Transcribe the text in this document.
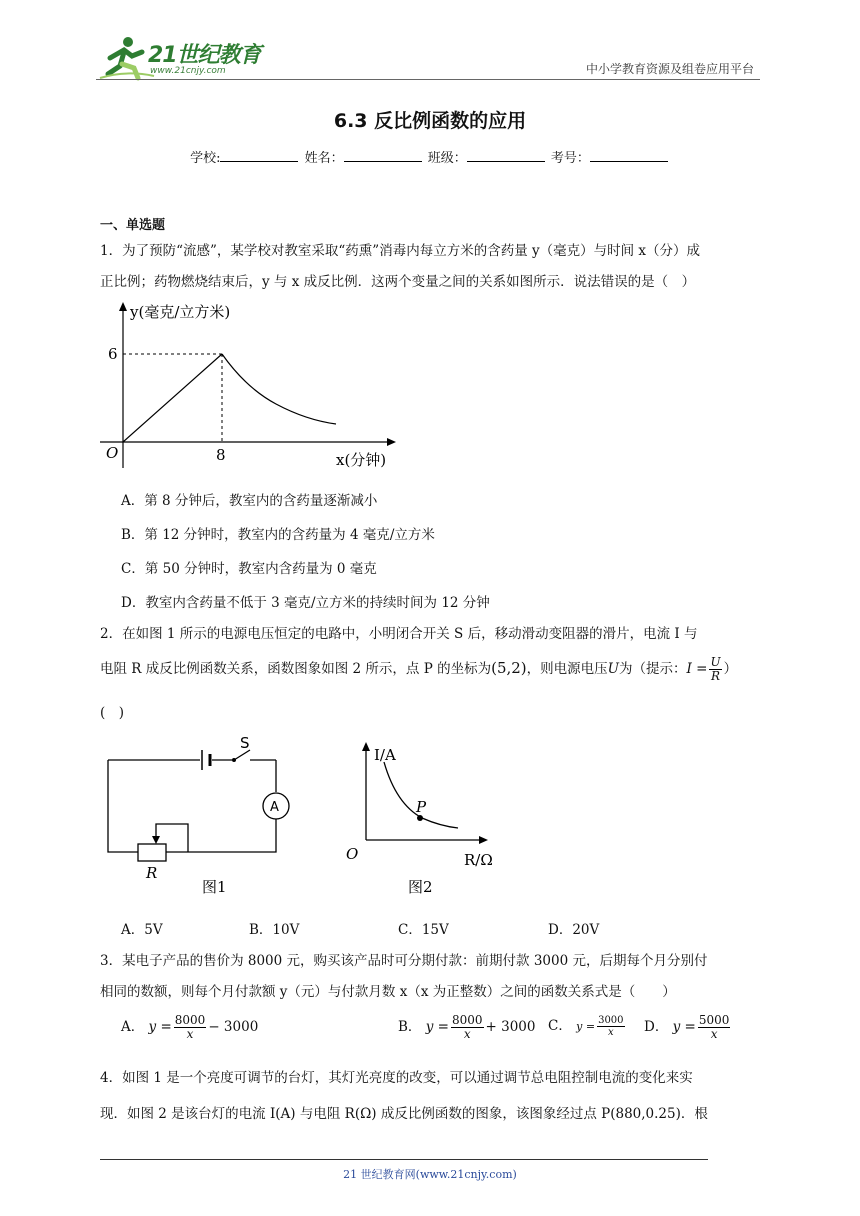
21世纪教育
www.21cnjy.com	中小学教育资源及组卷应用平台
6.3 反比例函数的应用
学校:	姓名：	班级：	考号：
一、单选题
1．为了预防“流感”，某学校对教室采取“药熏”消毒内每立方米的含药量 y（毫克）与时间 x（分）成
正比例；药物燃烧结束后，y 与 x 成反比例．这两个变量之间的关系如图所示．说法错误的是（　）
y(毫克/立方米)
x(分钟)
O	8
6
A．第 8 分钟后，教室内的含药量逐渐减小
B．第 12 分钟时，教室内的含药量为 4 毫克/立方米
C．第 50 分钟时，教室内含药量为 0 毫克
D．教室内含药量不低于 3 毫克/立方米的持续时间为 12 分钟
2．在如图 1 所示的电源电压恒定的电路中，小明闭合开关 S 后，移动滑动变阻器的滑片，电流 I 与
电阻 R 成反比例函数关系，函数图象如图 2 所示，点 P 的坐标为(5,2)，则电源电压U为（提示：$I = \frac{U}{R}$ ）
(　)
S
A
R
图1
I/A
R/Ω
O
P
图2
A．5V	B．10V	C．15V	D．20V
3．某电子产品的售价为 8000 元，购买该产品时可分期付款：前期付款 3000 元，后期每个月分别付
相同的数额，则每个月付款额 y（元）与付款月数 x（x 为正整数）之间的函数关系式是（　　）
A． $y = \frac{8000}{x} - 3000$	B． $y = \frac{8000}{x} + 3000$ C． $y = \frac{3000}{x}$ D． $y = \frac{5000}{x}$
4．如图 1 是一个亮度可调节的台灯，其灯光亮度的改变，可以通过调节总电阻控制电流的变化来实
现．如图 2 是该台灯的电流 I(A) 与电阻 R(Ω) 成反比例函数的图象，该图象经过点 P(880,0.25)．根
21 世纪教育网(www.21cnjy.com)
